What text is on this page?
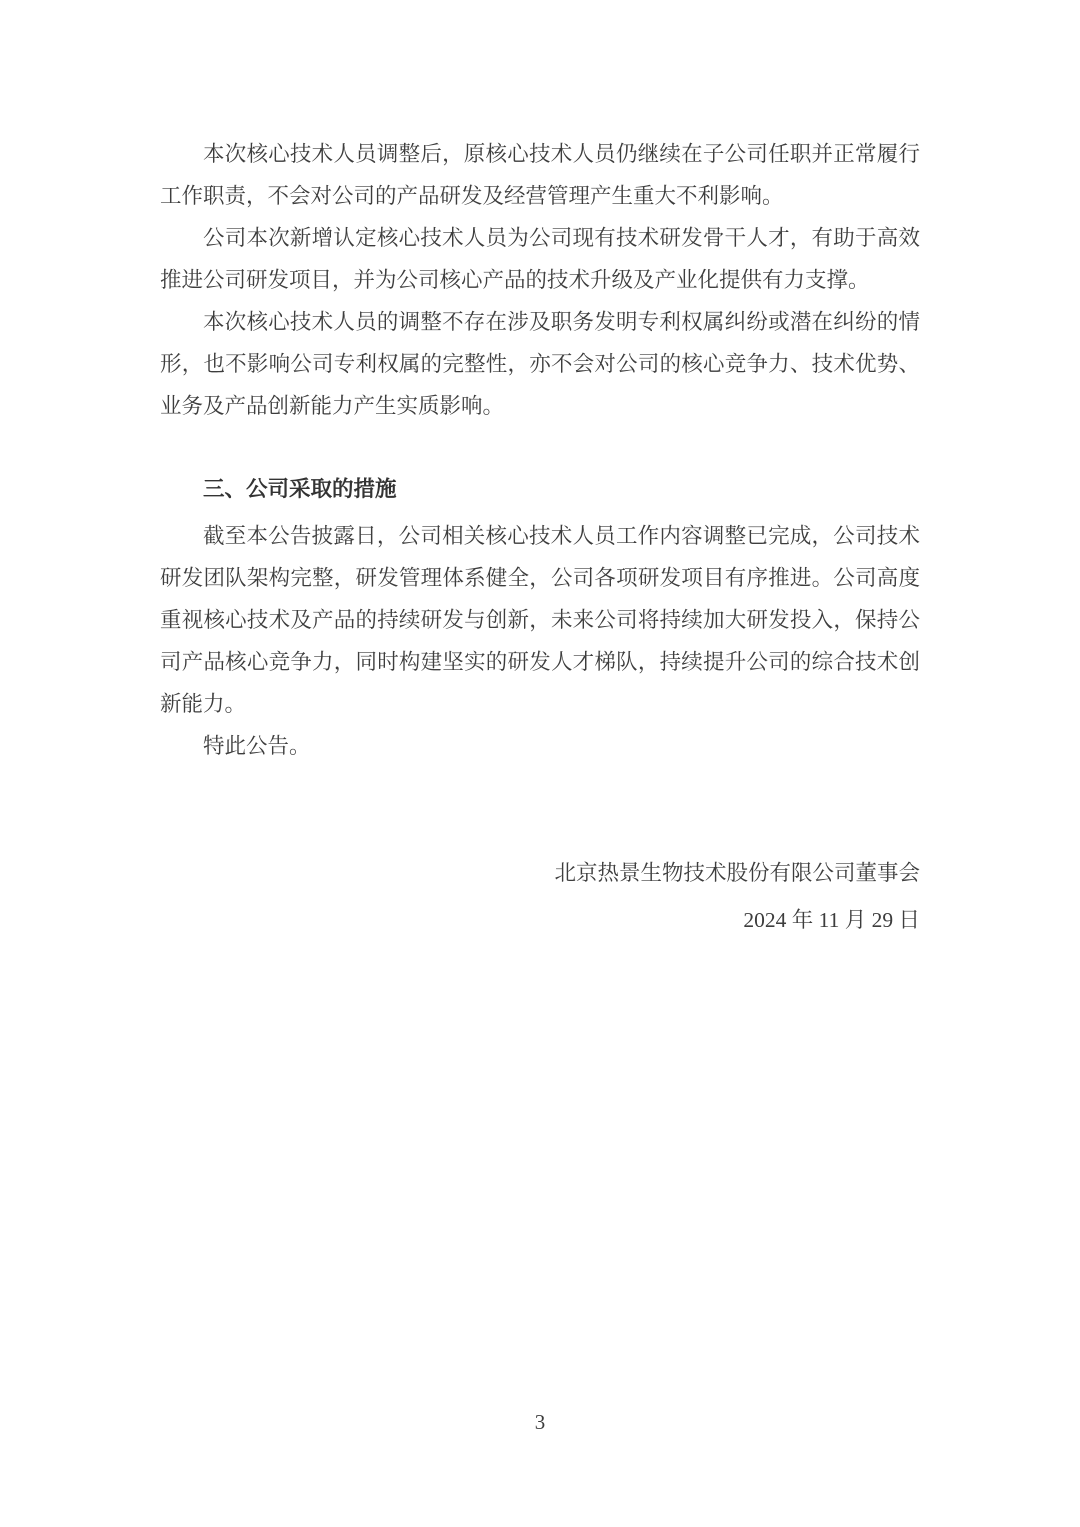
本次核心技术人员调整后，原核心技术人员仍继续在子公司任职并正常履行工作职责，不会对公司的产品研发及经营管理产生重大不利影响。

公司本次新增认定核心技术人员为公司现有技术研发骨干人才，有助于高效推进公司研发项目，并为公司核心产品的技术升级及产业化提供有力支撑。

本次核心技术人员的调整不存在涉及职务发明专利权属纠纷或潜在纠纷的情形，也不影响公司专利权属的完整性，亦不会对公司的核心竞争力、技术优势、业务及产品创新能力产生实质影响。

三、公司采取的措施

截至本公告披露日，公司相关核心技术人员工作内容调整已完成，公司技术研发团队架构完整，研发管理体系健全，公司各项研发项目有序推进。公司高度重视核心技术及产品的持续研发与创新，未来公司将持续加大研发投入，保持公司产品核心竞争力，同时构建坚实的研发人才梯队，持续提升公司的综合技术创新能力。

特此公告。

北京热景生物技术股份有限公司董事会
2024 年 11 月 29 日
3
